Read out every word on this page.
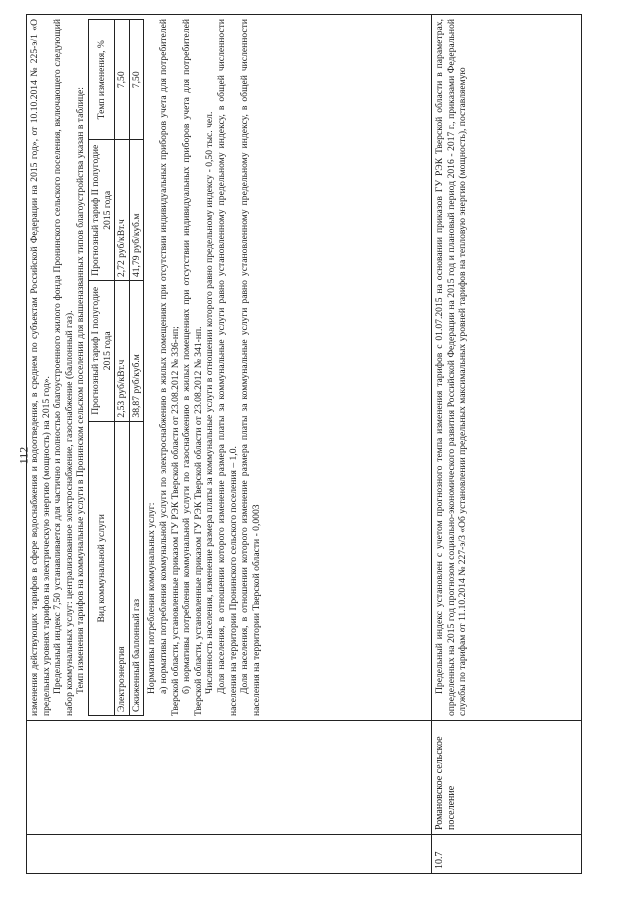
112

изменения действующих тарифов в сфере водоснабжения и водоотведения, в среднем по субъектам Российской Федерации на 2015 год», от 10.10.2014 № 225-э/1 «О предельных уровнях тарифов на электрическую энергию (мощность) на 2015 год». Предельный индекс 7,50 устанавливается для частично и полностью благоустроенного жилого фонда Пронинского сельского поселения, включающего следующий набор коммунальных услуг: централизованное электроснабжение, газоснабжение (баллонный газ). Темп изменения тарифов на коммунальные услуги в Пронинском сельском поселении для вышеназванных типов благоустройства указан в таблице: Вид коммунальной услуги	Прогнозный тариф I полугодие 2015 года	Прогнозный тариф II полугодие 2015 года	Темп изменения, %
Электроэнергия	2,53 руб/кВт.ч	2,72 руб/кВт.ч	7,50
Сжиженный баллонный газ	38,87 руб/куб.м	41,79 руб/куб.м	7,50

Нормативы потребления коммунальных услуг: а) нормативы потребления коммунальной услуги по электроснабжению в жилых помещениях при отсутствии индивидуальных приборов учета для потребителей Тверской области, установленные приказом ГУ РЭК Тверской области от 23.08.2012 № 336-нп; б) нормативы потребления коммунальной услуги по газоснабжению в жилых помещениях при отсутствии индивидуальных приборов учета для потребителей Тверской области, установленные приказом ГУ РЭК Тверской области от 23.08.2012 № 341-нп. Численность населения, изменение размера платы за коммунальные услуги в отношении которого равно предельному индексу - 0,50 тыс. чел. Доля населения, в отношении которого изменение размера платы за коммунальные услуги равно установленному предельному индексу, в общей численности населения на территории Пронинского сельского поселения – 1,0. Доля населения, в отношении которого изменение размера платы за коммунальные услуги равно установленному предельному индексу, в общей численности населения на территории Тверской области - 0,0003

10.7	Романовское сельское поселение	

Предельный индекс установлен с учетом прогнозного темпа изменения тарифов с 01.07.2015 на основании приказов ГУ РЭК Тверской области в параметрах, определенных на 2015 год прогнозом социально-экономического развития Российской Федерации на 2015 год и плановый период 2016 - 2017 г., приказами Федеральной службы по тарифам от 11.10.2014 № 227-э/3 «Об установлении предельных максимальных уровней тарифов на тепловую энергию (мощность), поставляемую
